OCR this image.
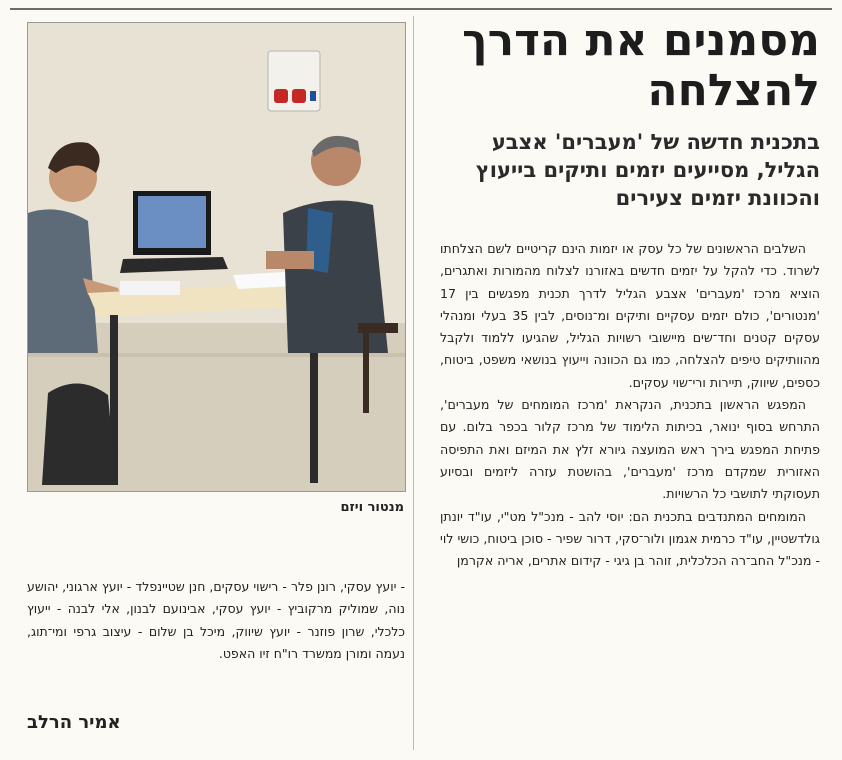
מסמנים את הדרך להצלחה
בתכנית חדשה של 'מעברים' אצבע הגליל, מסייעים יזמים ותיקים בייעוץ והכוונת יזמים צעירים

השלבים הראשונים של כל עסק או יזמות הינם קריטיים לשם הצלחתו לשרוד. כדי להקל על יזמים חדשים באזורנו לצלוח מהמורות ואתגרים, הוציא מרכז 'מעברים' אצבע הגליל לדרך תכנית מפגשים בין 17 'מנטורים', כולם יזמים עסקיים ותיקים ומ־נוסים, לבין 35 בעלי ומנהלי עסקים קטנים וחד־שים מיישובי רשויות הגליל, שהגיעו ללמוד ולקבל מהוותיקים טיפים להצלחה, כמו גם הכוונה וייעוץ בנושאי משפט, ביטוח, כספים, שיווק, תיירות ורי־שוי עסקים.

המפגש הראשון בתכנית, הנקראת 'מרכז המומחים של מעברים', התרחש בסוף ינואר, בכיתות הלימוד של מרכז קלור בכפר בלום. עם פתיחת המפגש בירך ראש המועצה גיורא זלץ את המיזם ואת התפיסה האזורית שמקדם מרכז 'מעברים', בהושטת עזרה ליזמים ובסיוע תעסוקתי לתושבי כל הרשויות.

המומחים המתנדבים בתכנית הם: יוסי להב - מנכ"ל מט"י, עו"ד יונתן גולדשטיין, עו"ד כרמית אגמון ולור־סקי, דרור שפיר - סוכן ביטוח, כושי לוי - מנכ"ל החב־רה הכלכלית, זוהר בן גיגי - קידום אתרים, אריה אקרמן

מנטור ויזם

- יועץ עסקי, רונן פלר - רישוי עסקים, חנן שטיינפלד - יועץ ארגוני, יהושע נוה, שמוליק מרקוביץ - יועץ עסקי, אבינועם לבנון, אלי לבנה - ייעוץ כלכלי, שרון פוזנר - יועץ שיווק, מיכל בן שלום - עיצוב גרפי ומי־תוג, נעמה ומורן ממשרד רו"ח זיו האפט.

אמיר הרלב
